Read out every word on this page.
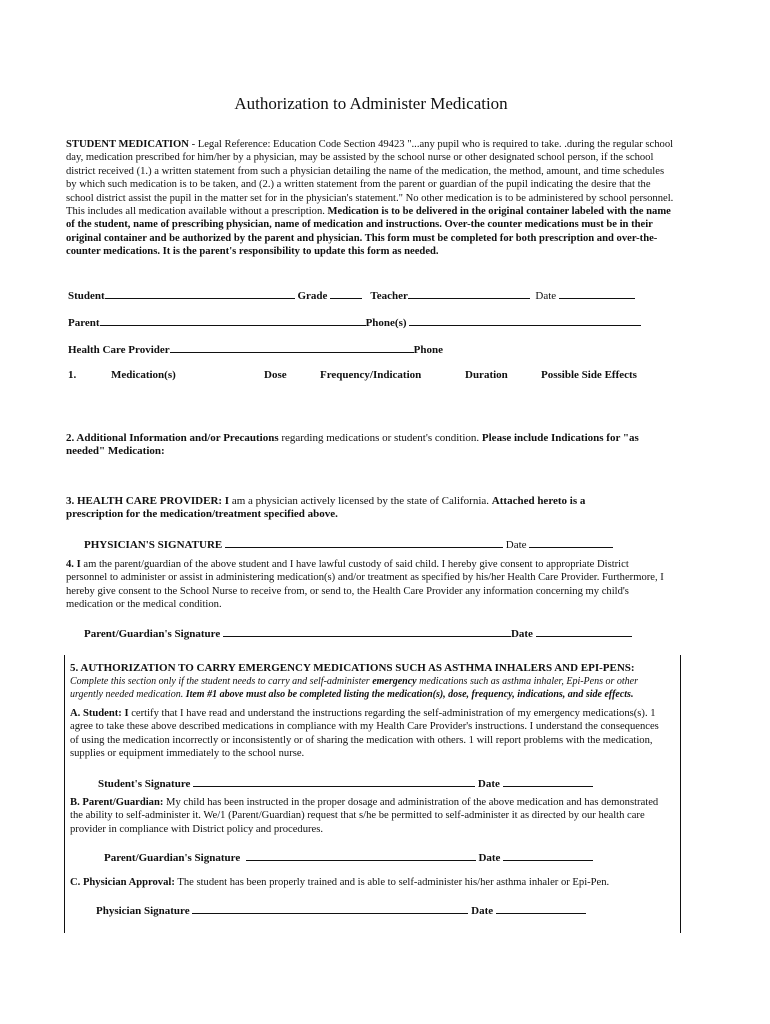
Authorization to Administer Medication
STUDENT MEDICATION - Legal Reference: Education Code Section 49423 "...any pupil who is required to take. .during the regular school day, medication prescribed for him/her by a physician, may be assisted by the school nurse or other designated school person, if the school district received (1.) a written statement from such a physician detailing the name of the medication, the method, amount, and time schedules by which such medication is to be taken, and (2.) a written statement from the parent or guardian of the pupil indicating the desire that the school district assist the pupil in the matter set for in the physician's statement." No other medication is to be administered by school personnel. This includes all medication available without a prescription. Medication is to be delivered in the original container labeled with the name of the student, name of prescribing physician, name of medication and instructions. Over-the counter medications must be in their original container and be authorized by the parent and physician. This form must be completed for both prescription and over-the-counter medications. It is the parent's responsibility to update this form as needed.
Student	Grade	Teacher	Date
Parent	Phone(s)
Health Care Provider	Phone
1.	Medication(s)	Dose	Frequency/Indication	Duration	Possible Side Effects
2. Additional Information and/or Precautions regarding medications or student's condition. Please include Indications for "as needed" Medication:
3. HEALTH CARE PROVIDER: I am a physician actively licensed by the state of California. Attached hereto is a prescription for the medication/treatment specified above.
PHYSICIAN'S SIGNATURE	Date
4. I am the parent/guardian of the above student and I have lawful custody of said child. I hereby give consent to appropriate District personnel to administer or assist in administering medication(s) and/or treatment as specified by his/her Health Care Provider. Furthermore, I hereby give consent to the School Nurse to receive from, or send to, the Health Care Provider any information concerning my child's medication or the medical condition.
Parent/Guardian's Signature	Date
5. AUTHORIZATION TO CARRY EMERGENCY MEDICATIONS SUCH AS ASTHMA INHALERS AND EPI-PENS:
Complete this section only if the student needs to carry and self-administer emergency medications such as asthma inhaler, Epi-Pens or other urgently needed medication. Item #1 above must also be completed listing the medication(s), dose, frequency, indications, and side effects.
A. Student: I certify that I have read and understand the instructions regarding the self-administration of my emergency medications(s). 1 agree to take these above described medications in compliance with my Health Care Provider's instructions. I understand the consequences of using the medication incorrectly or inconsistently or of sharing the medication with others. 1 will report problems with the medication, supplies or equipment immediately to the school nurse.
Student's Signature	Date
B. Parent/Guardian: My child has been instructed in the proper dosage and administration of the above medication and has demonstrated the ability to self-administer it. We/1 (Parent/Guardian) request that s/he be permitted to self-administer it as directed by our health care provider in compliance with District policy and procedures.
Parent/Guardian's Signature	Date
C. Physician Approval: The student has been properly trained and is able to self-administer his/her asthma inhaler or Epi-Pen.
Physician Signature	Date
